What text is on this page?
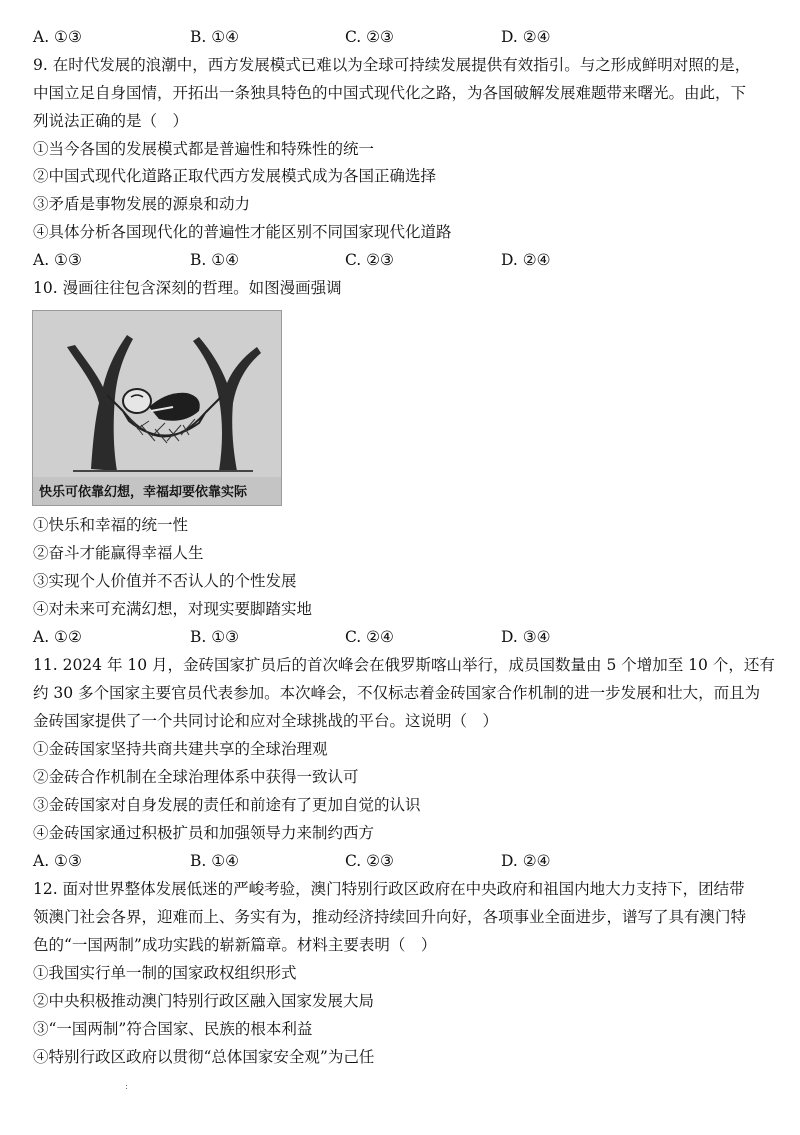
A. ①③	B. ①④	C. ②③	D. ②④
9. 在时代发展的浪潮中，西方发展模式已难以为全球可持续发展提供有效指引。与之形成鲜明对照的是，
中国立足自身国情，开拓出一条独具特色的中国式现代化之路，为各国破解发展难题带来曙光。由此，下
列说法正确的是（　）
①当今各国的发展模式都是普遍性和特殊性的统一
②中国式现代化道路正取代西方发展模式成为各国正确选择
③矛盾是事物发展的源泉和动力
④具体分析各国现代化的普遍性才能区别不同国家现代化道路
A. ①③	B. ①④	C. ②③	D. ②④
10. 漫画往往包含深刻的哲理。如图漫画强调
快乐可依靠幻想，幸福却要依靠实际
①快乐和幸福的统一性
②奋斗才能赢得幸福人生
③实现个人价值并不否认人的个性发展
④对未来可充满幻想，对现实要脚踏实地
A. ①②	B. ①③	C. ②④	D. ③④
11. 2024 年 10 月，金砖国家扩员后的首次峰会在俄罗斯喀山举行，成员国数量由 5 个增加至 10 个，还有
约 30 多个国家主要官员代表参加。本次峰会，不仅标志着金砖国家合作机制的进一步发展和壮大，而且为
金砖国家提供了一个共同讨论和应对全球挑战的平台。这说明（　）
①金砖国家坚持共商共建共享的全球治理观
②金砖合作机制在全球治理体系中获得一致认可
③金砖国家对自身发展的责任和前途有了更加自觉的认识
④金砖国家通过积极扩员和加强领导力来制约西方
A. ①③	B. ①④	C. ②③	D. ②④
12. 面对世界整体发展低迷的严峻考验，澳门特别行政区政府在中央政府和祖国内地大力支持下，团结带
领澳门社会各界，迎难而上、务实有为，推动经济持续回升向好，各项事业全面进步，谱写了具有澳门特
色的“一国两制”成功实践的崭新篇章。材料主要表明（　）
①我国实行单一制的国家政权组织形式
②中央积极推动澳门特别行政区融入国家发展大局
③“一国两制”符合国家、民族的根本利益
④特别行政区政府以贯彻“总体国家安全观”为己任
:
